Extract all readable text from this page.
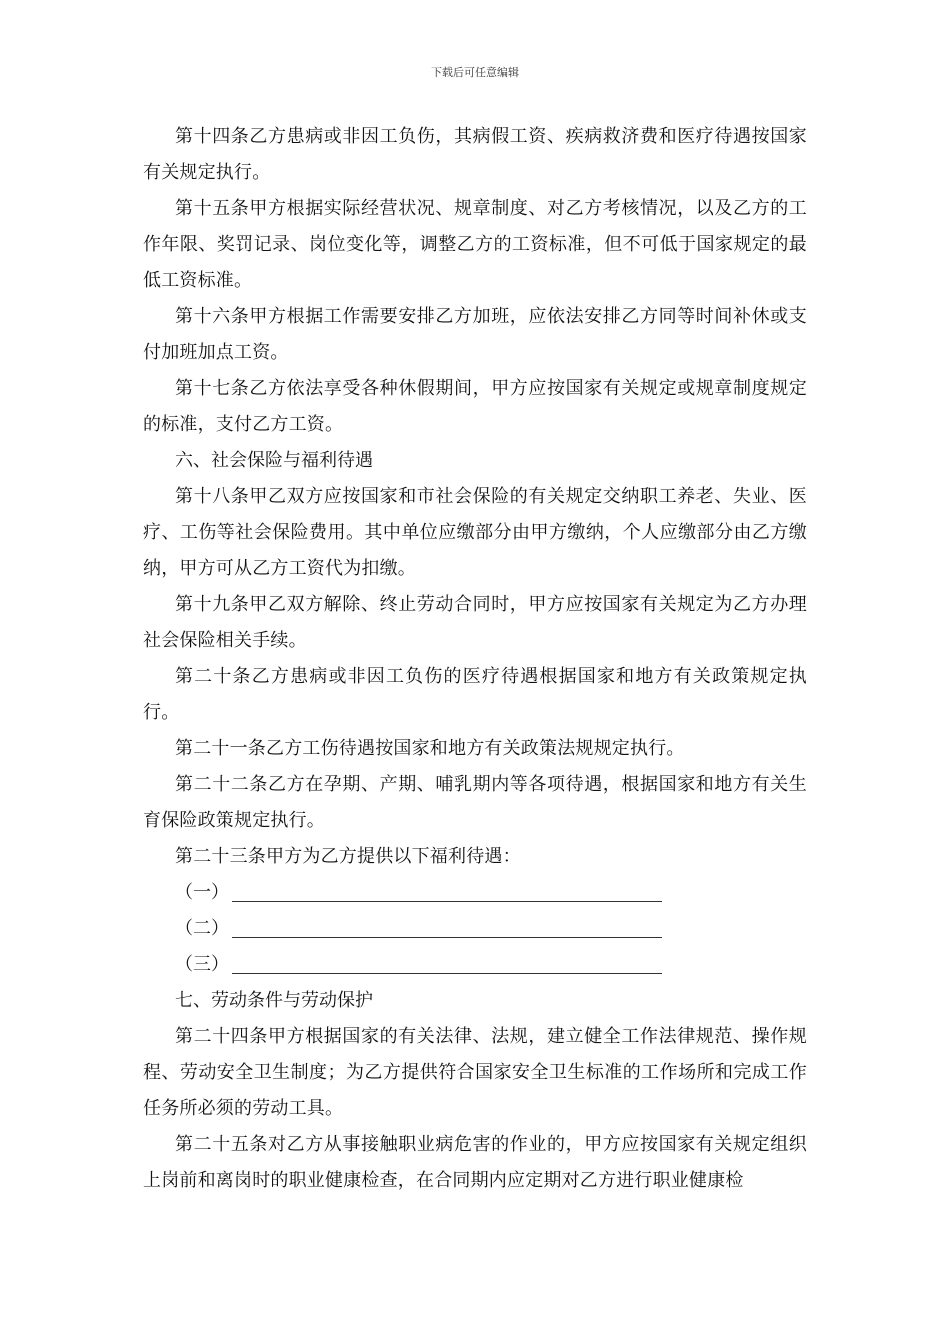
下载后可任意编辑

第十四条乙方患病或非因工负伤，其病假工资、疾病救济费和医疗待遇按国家有关规定执行。

第十五条甲方根据实际经营状况、规章制度、对乙方考核情况，以及乙方的工作年限、奖罚记录、岗位变化等，调整乙方的工资标准，但不可低于国家规定的最低工资标准。

第十六条甲方根据工作需要安排乙方加班，应依法安排乙方同等时间补休或支付加班加点工资。

第十七条乙方依法享受各种休假期间，甲方应按国家有关规定或规章制度规定的标准，支付乙方工资。

六、社会保险与福利待遇

第十八条甲乙双方应按国家和市社会保险的有关规定交纳职工养老、失业、医疗、工伤等社会保险费用。其中单位应缴部分由甲方缴纳，个人应缴部分由乙方缴纳，甲方可从乙方工资代为扣缴。

第十九条甲乙双方解除、终止劳动合同时，甲方应按国家有关规定为乙方办理社会保险相关手续。

第二十条乙方患病或非因工负伤的医疗待遇根据国家和地方有关政策规定执行。

第二十一条乙方工伤待遇按国家和地方有关政策法规规定执行。

第二十二条乙方在孕期、产期、哺乳期内等各项待遇，根据国家和地方有关生育保险政策规定执行。

第二十三条甲方为乙方提供以下福利待遇：

（一）
（二）
（三）

七、劳动条件与劳动保护

第二十四条甲方根据国家的有关法律、法规，建立健全工作法律规范、操作规程、劳动安全卫生制度；为乙方提供符合国家安全卫生标准的工作场所和完成工作任务所必须的劳动工具。

第二十五条对乙方从事接触职业病危害的作业的，甲方应按国家有关规定组织上岗前和离岗时的职业健康检查，在合同期内应定期对乙方进行职业健康检
